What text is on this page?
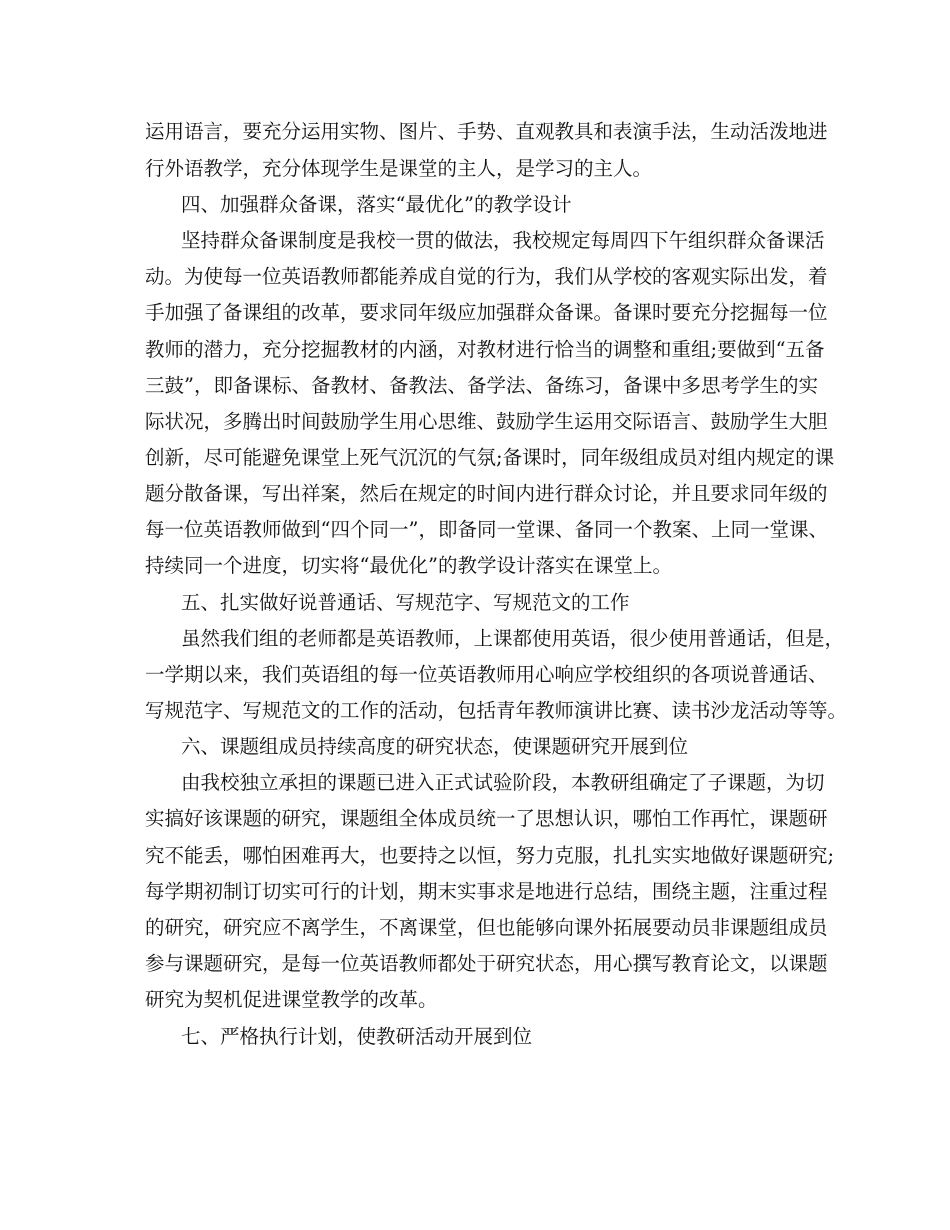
运用语言，要充分运用实物、图片、手势、直观教具和表演手法，生动活泼地进
行外语教学，充分体现学生是课堂的主人，是学习的主人。
四、加强群众备课，落实“最优化”的教学设计
坚持群众备课制度是我校一贯的做法，我校规定每周四下午组织群众备课活
动。为使每一位英语教师都能养成自觉的行为，我们从学校的客观实际出发，着
手加强了备课组的改革，要求同年级应加强群众备课。备课时要充分挖掘每一位
教师的潜力，充分挖掘教材的内涵，对教材进行恰当的调整和重组;要做到“五备
三鼓”，即备课标、备教材、备教法、备学法、备练习，备课中多思考学生的实
际状况，多腾出时间鼓励学生用心思维、鼓励学生运用交际语言、鼓励学生大胆
创新，尽可能避免课堂上死气沉沉的气氛;备课时，同年级组成员对组内规定的课
题分散备课，写出祥案，然后在规定的时间内进行群众讨论，并且要求同年级的
每一位英语教师做到“四个同一”，即备同一堂课、备同一个教案、上同一堂课、
持续同一个进度，切实将“最优化”的教学设计落实在课堂上。
五、扎实做好说普通话、写规范字、写规范文的工作
虽然我们组的老师都是英语教师，上课都使用英语，很少使用普通话，但是，
一学期以来，我们英语组的每一位英语教师用心响应学校组织的各项说普通话、
写规范字、写规范文的工作的活动，包括青年教师演讲比赛、读书沙龙活动等等。
六、课题组成员持续高度的研究状态，使课题研究开展到位
由我校独立承担的课题已进入正式试验阶段，本教研组确定了子课题，为切
实搞好该课题的研究，课题组全体成员统一了思想认识，哪怕工作再忙，课题研
究不能丢，哪怕困难再大，也要持之以恒，努力克服，扎扎实实地做好课题研究;
每学期初制订切实可行的计划，期末实事求是地进行总结，围绕主题，注重过程
的研究，研究应不离学生，不离课堂，但也能够向课外拓展要动员非课题组成员
参与课题研究，是每一位英语教师都处于研究状态，用心撰写教育论文，以课题
研究为契机促进课堂教学的改革。
七、严格执行计划，使教研活动开展到位
